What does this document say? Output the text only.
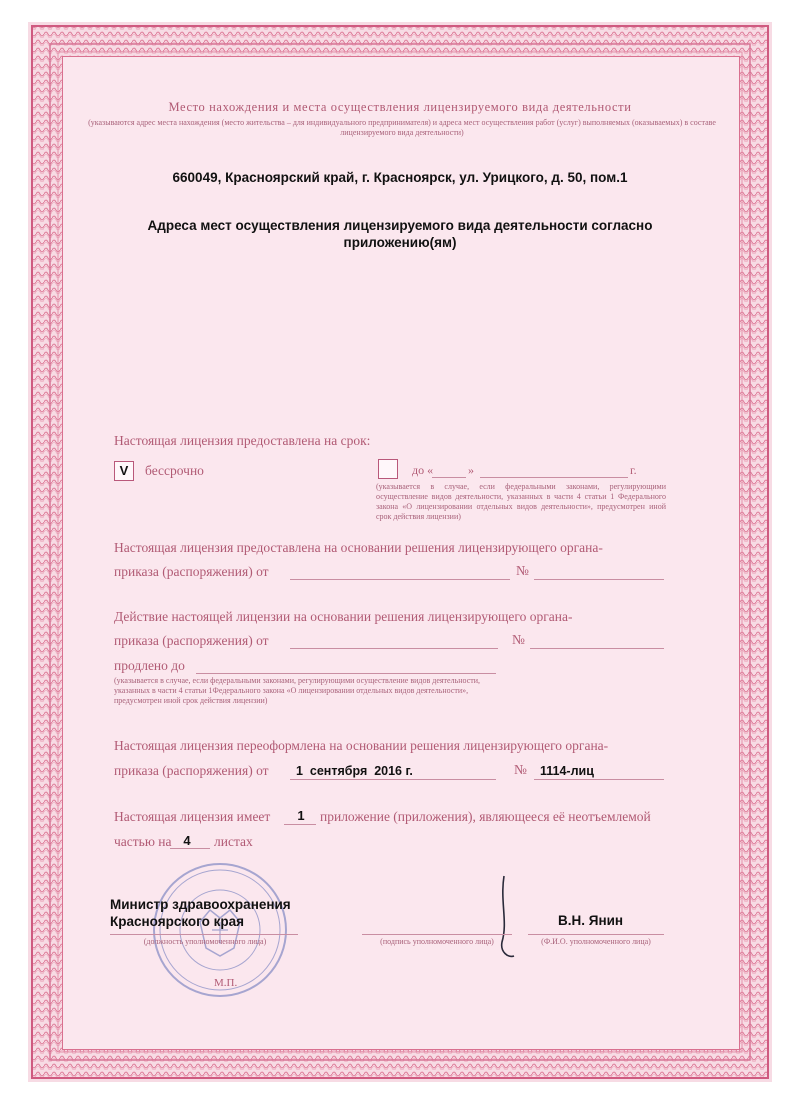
Место нахождения и места осуществления лицензируемого вида деятельности
(указываются адрес места нахождения (место жительства – для индивидуального предпринимателя) и адреса мест осуществления работ (услуг) выполняемых (оказываемых) в составе лицензируемого вида деятельности)
660049, Красноярский край, г. Красноярск, ул. Урицкого, д. 50, пом.1
Адреса мест осуществления лицензируемого вида деятельности согласно
приложению(ям)
Настоящая лицензия предоставлена на срок:
V	бессрочно	до «	»	г.
(указывается в случае, если федеральными законами, регулирующими осуществление видов деятельности, указанных в части 4 статьи 1 Федерального закона «О лицензировании отдельных видов деятельности», предусмотрен иной срок действия лицензии)
Настоящая лицензия предоставлена на основании решения лицензирующего органа-
приказа (распоряжения) от	№
Действие настоящей лицензии на основании решения лицензирующего органа-
приказа (распоряжения) от	№
продлено до
(указывается в случае, если федеральными законами, регулирующими осуществление видов деятельности, указанных в части 4 статьи 1Федерального закона «О лицензировании отдельных видов деятельности», предусмотрен иной срок действия лицензии)
Настоящая лицензия переоформлена на основании решения лицензирующего органа-
приказа (распоряжения) от 1  сентября  2016 г.	№ 1114-лиц
Настоящая лицензия имеет	1	приложение (приложения), являющееся её неотъемлемой
частью на 4	листах
Министр здравоохранения
Красноярского края
(должность уполномоченного лица)	(подпись уполномоченного лица)
В.Н. Янин
(Ф.И.О. уполномоченного лица)
М.П.
